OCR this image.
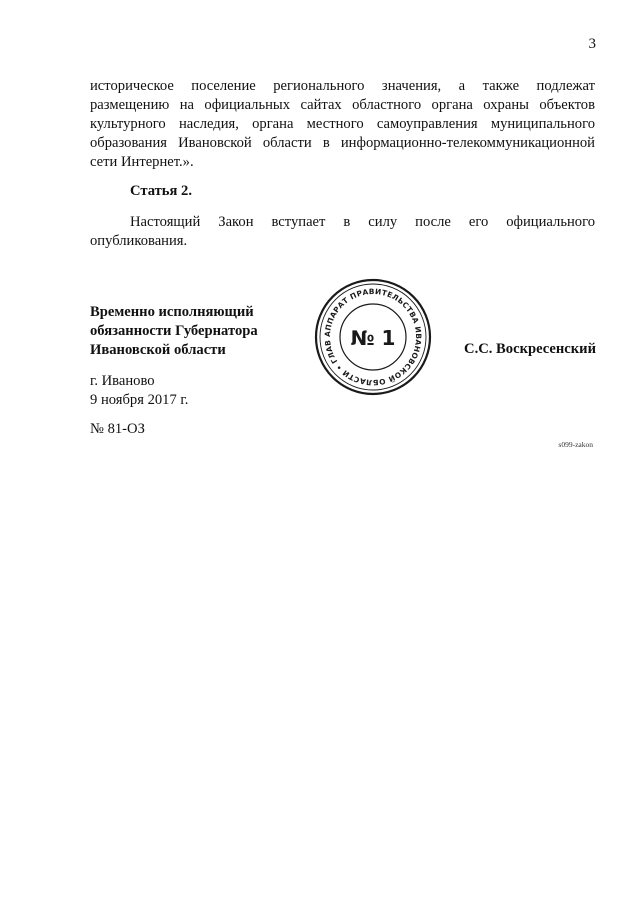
3
историческое поселение регионального значения, а также подлежат
размещению на официальных сайтах областного органа охраны объектов
культурного наследия, органа местного самоуправления муниципального
образования Ивановской области в информационно-телекоммуникационной
сети Интернет.».
Статья 2.
Настоящий Закон вступает в силу после его официального
опубликования.
Временно исполняющий
обязанности Губернатора
Ивановской области
АППАРАТ ПРАВИТЕЛЬСТВА ИВАНОВСКОЙ ОБЛАСТИ • ГЛАВ № 1	С.С. Воскресенский
г. Иваново
9 ноября 2017 г.
№ 81-ОЗ
s099-zakon
